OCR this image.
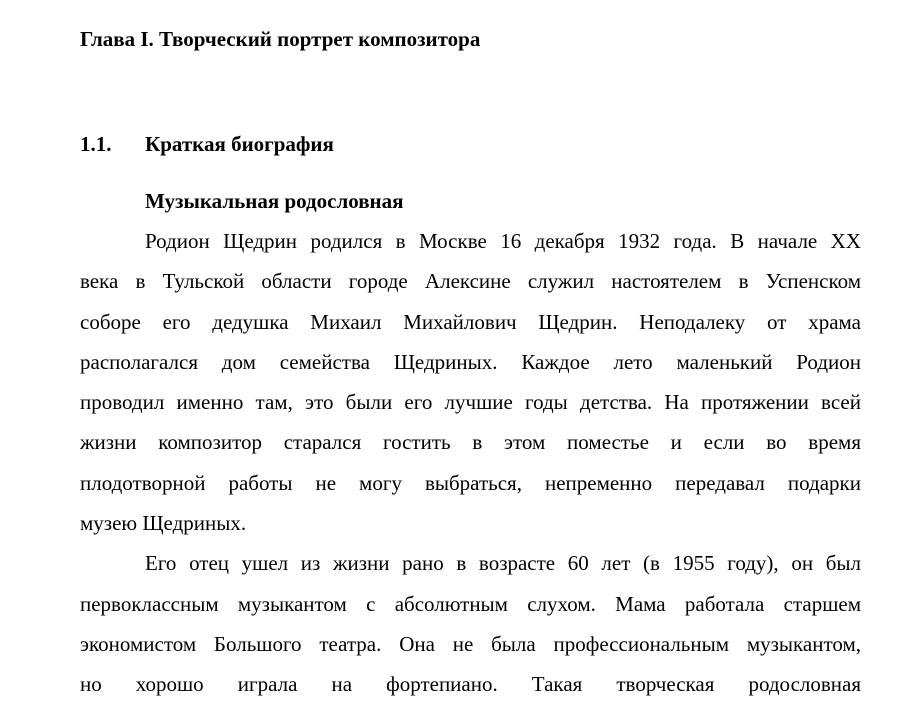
Глава I. Творческий портрет композитора
1.1. Краткая биография
Музыкальная родословная
Родион Щедрин родился в Москве 16 декабря 1932 года. В начале XX
века в Тульской области городе Алексине служил настоятелем в Успенском
соборе его дедушка Михаил Михайлович Щедрин. Неподалеку от храма
располагался дом семейства Щедриных. Каждое лето маленький Родион
проводил именно там, это были его лучшие годы детства. На протяжении всей
жизни композитор старался гостить в этом поместье и если во время
плодотворной работы не могу выбраться, непременно передавал подарки
музею Щедриных.
Его отец ушел из жизни рано в возрасте 60 лет (в 1955 году), он был
первоклассным музыкантом с абсолютным слухом. Мама работала старшем
экономистом Большого театра. Она не была профессиональным музыкантом,
но хорошо играла на фортепиано. Такая творческая родословная
